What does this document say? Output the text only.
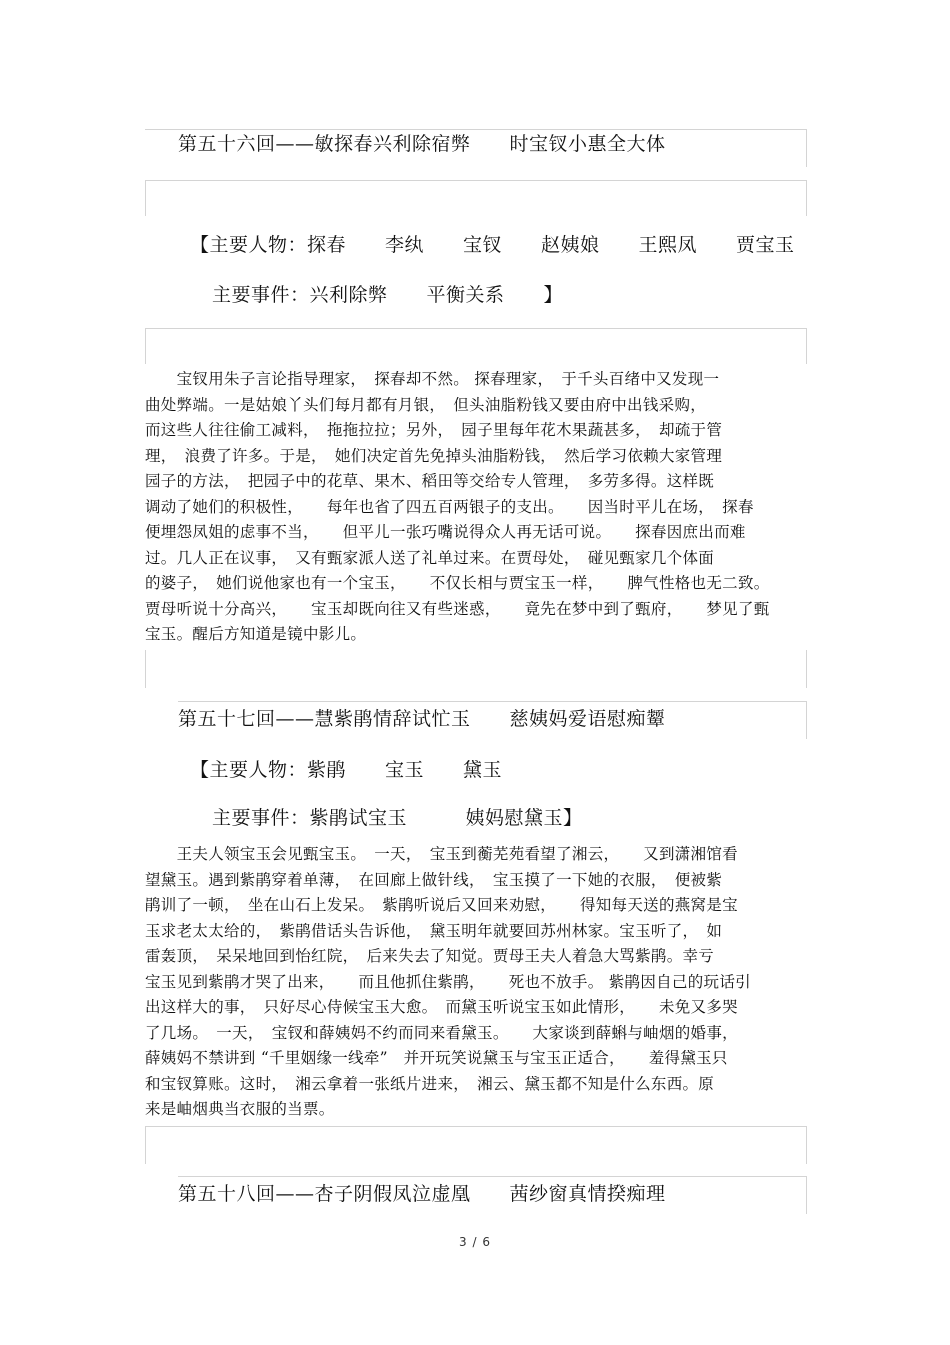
第五十六回——敏探春兴利除宿弊　　时宝钗小惠全大体
【主要人物：探春　　李纨　　宝钗　　赵姨娘　　王熙凤　　贾宝玉
主要事件：兴利除弊　　平衡关系　　】
　　宝钗用朱子言论指导理家，　探春却不然。 探春理家，　于千头百绪中又发现一
曲处弊端。一是姑娘丫头们每月都有月银，　但头油脂粉钱又要由府中出钱采购，
而这些人往往偷工减料，　拖拖拉拉；另外，　园子里每年花木果蔬甚多，　却疏于管
理，　浪费了许多。于是，　她们决定首先免掉头油脂粉钱，　然后学习依赖大家管理
园子的方法，　把园子中的花草、果木、稻田等交给专人管理，　多劳多得。这样既
调动了她们的积极性，　　每年也省了四五百两银子的支出。　　因当时平儿在场，　探春
便埋怨凤姐的虑事不当，　　但平儿一张巧嘴说得众人再无话可说。　　探春因庶出而难
过。几人正在议事，　又有甄家派人送了礼单过来。在贾母处，　碰见甄家几个体面
的婆子，　她们说他家也有一个宝玉，　　不仅长相与贾宝玉一样，　　脾气性格也无二致。
贾母听说十分高兴，　　宝玉却既向往又有些迷惑，　　竟先在梦中到了甄府，　　梦见了甄
宝玉。醒后方知道是镜中影儿。
第五十七回——慧紫鹃情辞试忙玉　　慈姨妈爱语慰痴颦
【主要人物：紫鹃　　宝玉　　黛玉
主要事件：紫鹃试宝玉　　　姨妈慰黛玉】
　　王夫人领宝玉会见甄宝玉。　一天，　宝玉到蘅芜苑看望了湘云，　　又到潇湘馆看
望黛玉。遇到紫鹃穿着单薄，　在回廊上做针线，　宝玉摸了一下她的衣服，　便被紫
鹃训了一顿，　坐在山石上发呆。　紫鹃听说后又回来劝慰，　　得知每天送的燕窝是宝
玉求老太太给的，　紫鹃借话头告诉他，　黛玉明年就要回苏州林家。宝玉听了，　如
雷轰顶，　呆呆地回到怡红院，　后来失去了知觉。贾母王夫人着急大骂紫鹃。幸亏
宝玉见到紫鹃才哭了出来，　　而且他抓住紫鹃，　　死也不放手。 紫鹃因自己的玩话引
出这样大的事，　只好尽心侍候宝玉大愈。　而黛玉听说宝玉如此情形，　　未免又多哭
了几场。　一天，　宝钗和薛姨妈不约而同来看黛玉。　　大家谈到薛蝌与岫烟的婚事，
薛姨妈不禁讲到 “千里姻缘一线牵”　并开玩笑说黛玉与宝玉正适合，　　羞得黛玉只
和宝钗算账。这时，　湘云拿着一张纸片进来，　湘云、黛玉都不知是什么东西。原
来是岫烟典当衣服的当票。
第五十八回——杏子阴假凤泣虚凰　　茜纱窗真情揆痴理
3 / 6
